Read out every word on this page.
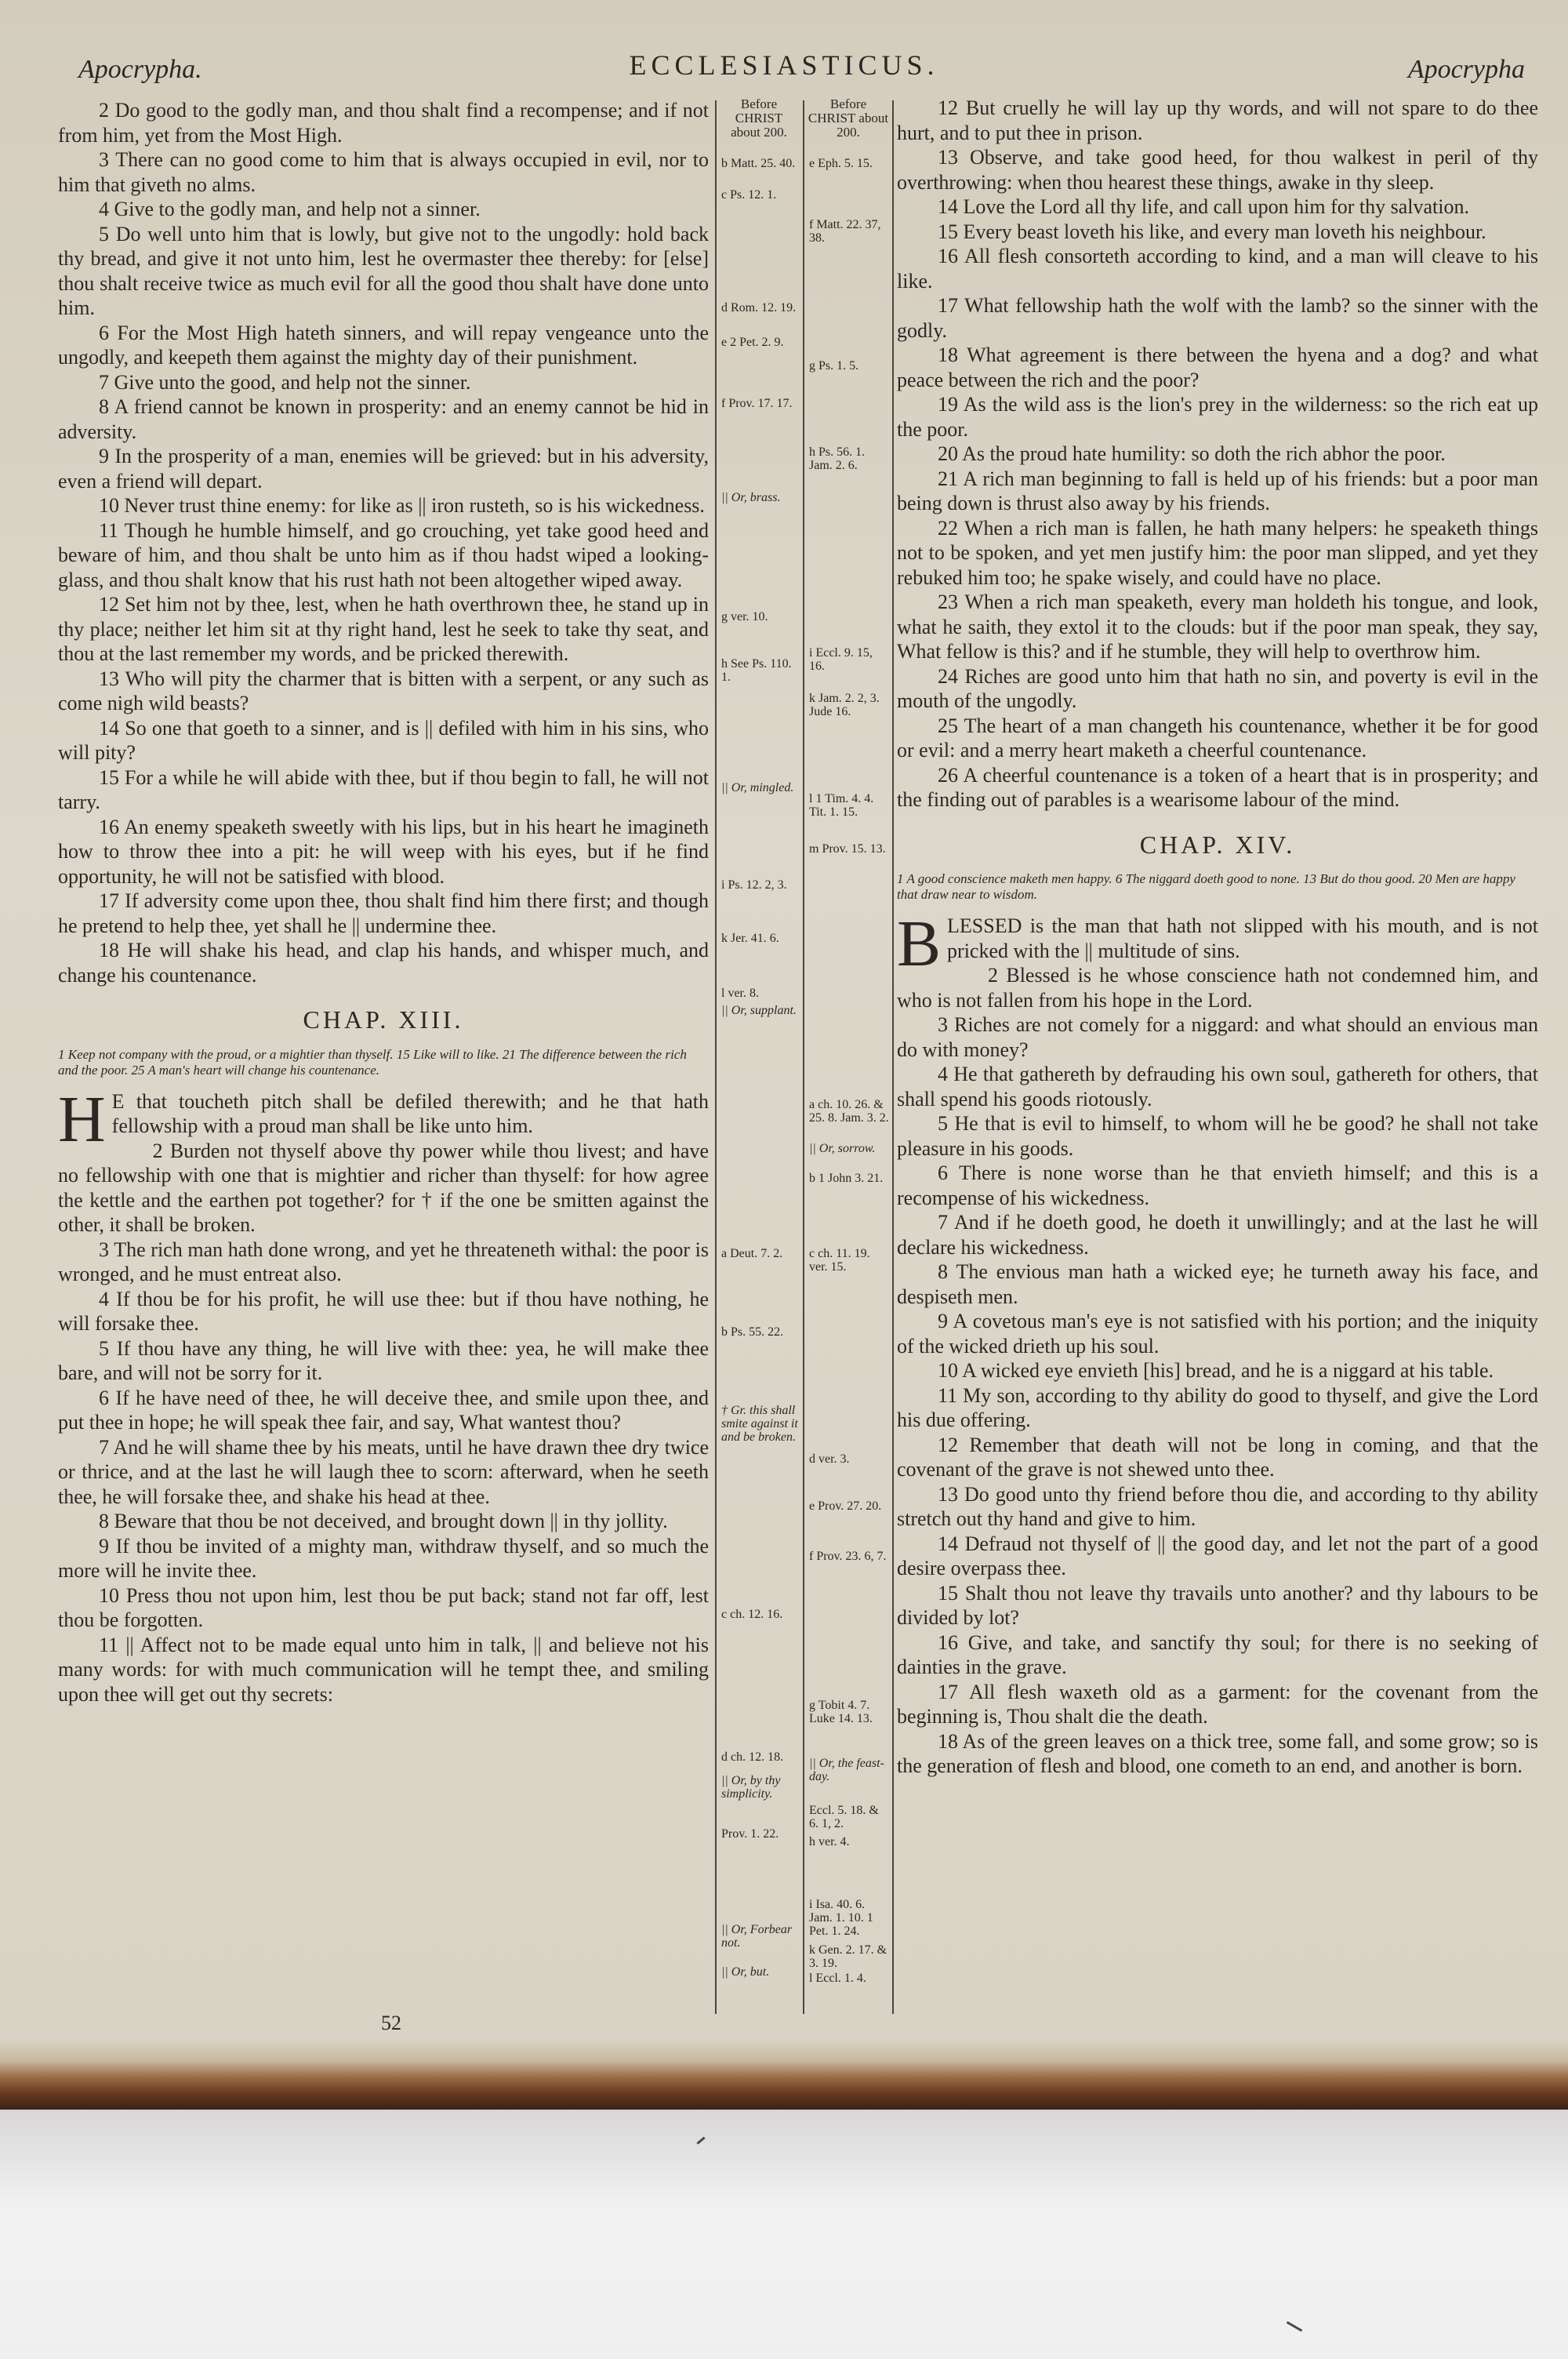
ECCLESIASTICUS.
Apocrypha.	Apocrypha
Before CHRIST about 200.
Before CHRIST about 200.
b Matt. 25. 40.
c Ps. 12. 1.
d Rom. 12. 19.
e 2 Pet. 2. 9.
f Prov. 17. 17.
|| Or, brass.
g ver. 10.
h See Ps. 110. 1.
|| Or, mingled.
i Ps. 12. 2, 3.
k Jer. 41. 6.
l ver. 8.
|| Or, supplant.
a Deut. 7. 2.
b Ps. 55. 22.
† Gr. this shall smite against it and be broken.
c ch. 12. 16.
d ch. 12. 18.
|| Or, by thy simplicity.
Prov. 1. 22.
|| Or, Forbear not.
|| Or, but.
e Eph. 5. 15.
f Matt. 22. 37, 38.
g Ps. 1. 5.
h Ps. 56. 1. Jam. 2. 6.
i Eccl. 9. 15, 16.
k Jam. 2. 2, 3. Jude 16.
l 1 Tim. 4. 4. Tit. 1. 15.
m Prov. 15. 13.
a ch. 10. 26. & 25. 8. Jam. 3. 2.
|| Or, sorrow.
b 1 John 3. 21.
c ch. 11. 19. ver. 15.
d ver. 3.
e Prov. 27. 20.
f Prov. 23. 6, 7.
g Tobit 4. 7. Luke 14. 13.
|| Or, the feast-day.
Eccl. 5. 18. & 6. 1, 2.
h ver. 4.
i Isa. 40. 6. Jam. 1. 10. 1 Pet. 1. 24.
k Gen. 2. 17. & 3. 19.
l Eccl. 1. 4.

2 Do good to the godly man, and thou shalt find a recompense; and if not from him, yet from the Most High.

3 There can no good come to him that is always occupied in evil, nor to him that giveth no alms.

4 Give to the godly man, and help not a sinner.

5 Do well unto him that is lowly, but give not to the ungodly: hold back thy bread, and give it not unto him, lest he overmaster thee thereby: for [else] thou shalt receive twice as much evil for all the good thou shalt have done unto him.

6 For the Most High hateth sinners, and will repay vengeance unto the ungodly, and keepeth them against the mighty day of their punishment.

7 Give unto the good, and help not the sinner.

8 A friend cannot be known in prosperity: and an enemy cannot be hid in adversity.

9 In the prosperity of a man, enemies will be grieved: but in his adversity, even a friend will depart.

10 Never trust thine enemy: for like as || iron rusteth, so is his wickedness.

11 Though he humble himself, and go crouching, yet take good heed and beware of him, and thou shalt be unto him as if thou hadst wiped a looking-glass, and thou shalt know that his rust hath not been altogether wiped away.

12 Set him not by thee, lest, when he hath overthrown thee, he stand up in thy place; neither let him sit at thy right hand, lest he seek to take thy seat, and thou at the last remember my words, and be pricked therewith.

13 Who will pity the charmer that is bitten with a serpent, or any such as come nigh wild beasts?

14 So one that goeth to a sinner, and is || defiled with him in his sins, who will pity?

15 For a while he will abide with thee, but if thou begin to fall, he will not tarry.

16 An enemy speaketh sweetly with his lips, but in his heart he imagineth how to throw thee into a pit: he will weep with his eyes, but if he find opportunity, he will not be satisfied with blood.

17 If adversity come upon thee, thou shalt find him there first; and though he pretend to help thee, yet shall he || undermine thee.

18 He will shake his head, and clap his hands, and whisper much, and change his countenance.

CHAP. XIII.

1 Keep not company with the proud, or a mightier than thyself. 15 Like will to like. 21 The difference between the rich and the poor. 25 A man's heart will change his countenance.

H E that toucheth pitch shall be defiled therewith; and he that hath fellowship with a proud man shall be like unto him.

2 Burden not thyself above thy power while thou livest; and have no fellowship with one that is mightier and richer than thyself: for how agree the kettle and the earthen pot together? for † if the one be smitten against the other, it shall be broken.

3 The rich man hath done wrong, and yet he threateneth withal: the poor is wronged, and he must entreat also.

4 If thou be for his profit, he will use thee: but if thou have nothing, he will forsake thee.

5 If thou have any thing, he will live with thee: yea, he will make thee bare, and will not be sorry for it.

6 If he have need of thee, he will deceive thee, and smile upon thee, and put thee in hope; he will speak thee fair, and say, What wantest thou?

7 And he will shame thee by his meats, until he have drawn thee dry twice or thrice, and at the last he will laugh thee to scorn: afterward, when he seeth thee, he will forsake thee, and shake his head at thee.

8 Beware that thou be not deceived, and brought down || in thy jollity.

9 If thou be invited of a mighty man, withdraw thyself, and so much the more will he invite thee.

10 Press thou not upon him, lest thou be put back; stand not far off, lest thou be forgotten.

11 || Affect not to be made equal unto him in talk, || and believe not his many words: for with much communication will he tempt thee, and smiling upon thee will get out thy secrets:

12 But cruelly he will lay up thy words, and will not spare to do thee hurt, and to put thee in prison.

13 Observe, and take good heed, for thou walkest in peril of thy overthrowing: when thou hearest these things, awake in thy sleep.

14 Love the Lord all thy life, and call upon him for thy salvation.

15 Every beast loveth his like, and every man loveth his neighbour.

16 All flesh consorteth according to kind, and a man will cleave to his like.

17 What fellowship hath the wolf with the lamb? so the sinner with the godly.

18 What agreement is there between the hyena and a dog? and what peace between the rich and the poor?

19 As the wild ass is the lion's prey in the wilderness: so the rich eat up the poor.

20 As the proud hate humility: so doth the rich abhor the poor.

21 A rich man beginning to fall is held up of his friends: but a poor man being down is thrust also away by his friends.

22 When a rich man is fallen, he hath many helpers: he speaketh things not to be spoken, and yet men justify him: the poor man slipped, and yet they rebuked him too; he spake wisely, and could have no place.

23 When a rich man speaketh, every man holdeth his tongue, and look, what he saith, they extol it to the clouds: but if the poor man speak, they say, What fellow is this? and if he stumble, they will help to overthrow him.

24 Riches are good unto him that hath no sin, and poverty is evil in the mouth of the ungodly.

25 The heart of a man changeth his countenance, whether it be for good or evil: and a merry heart maketh a cheerful countenance.

26 A cheerful countenance is a token of a heart that is in prosperity; and the finding out of parables is a wearisome labour of the mind.

CHAP. XIV.

1 A good conscience maketh men happy. 6 The niggard doeth good to none. 13 But do thou good. 20 Men are happy that draw near to wisdom.

BLESSED is the man that hath not slipped with his mouth, and is not pricked with the || multitude of sins.

2 Blessed is he whose conscience hath not condemned him, and who is not fallen from his hope in the Lord.

3 Riches are not comely for a niggard: and what should an envious man do with money?

4 He that gathereth by defrauding his own soul, gathereth for others, that shall spend his goods riotously.

5 He that is evil to himself, to whom will he be good? he shall not take pleasure in his goods.

6 There is none worse than he that envieth himself; and this is a recompense of his wickedness.

7 And if he doeth good, he doeth it unwillingly; and at the last he will declare his wickedness.

8 The envious man hath a wicked eye; he turneth away his face, and despiseth men.

9 A covetous man's eye is not satisfied with his portion; and the iniquity of the wicked drieth up his soul.

10 A wicked eye envieth [his] bread, and he is a niggard at his table.

11 My son, according to thy ability do good to thyself, and give the Lord his due offering.

12 Remember that death will not be long in coming, and that the covenant of the grave is not shewed unto thee.

13 Do good unto thy friend before thou die, and according to thy ability stretch out thy hand and give to him.

14 Defraud not thyself of || the good day, and let not the part of a good desire overpass thee.

15 Shalt thou not leave thy travails unto another? and thy labours to be divided by lot?

16 Give, and take, and sanctify thy soul; for there is no seeking of dainties in the grave.

17 All flesh waxeth old as a garment: for the covenant from the beginning is, Thou shalt die the death.

18 As of the green leaves on a thick tree, some fall, and some grow; so is the generation of flesh and blood, one cometh to an end, and another is born.

52
